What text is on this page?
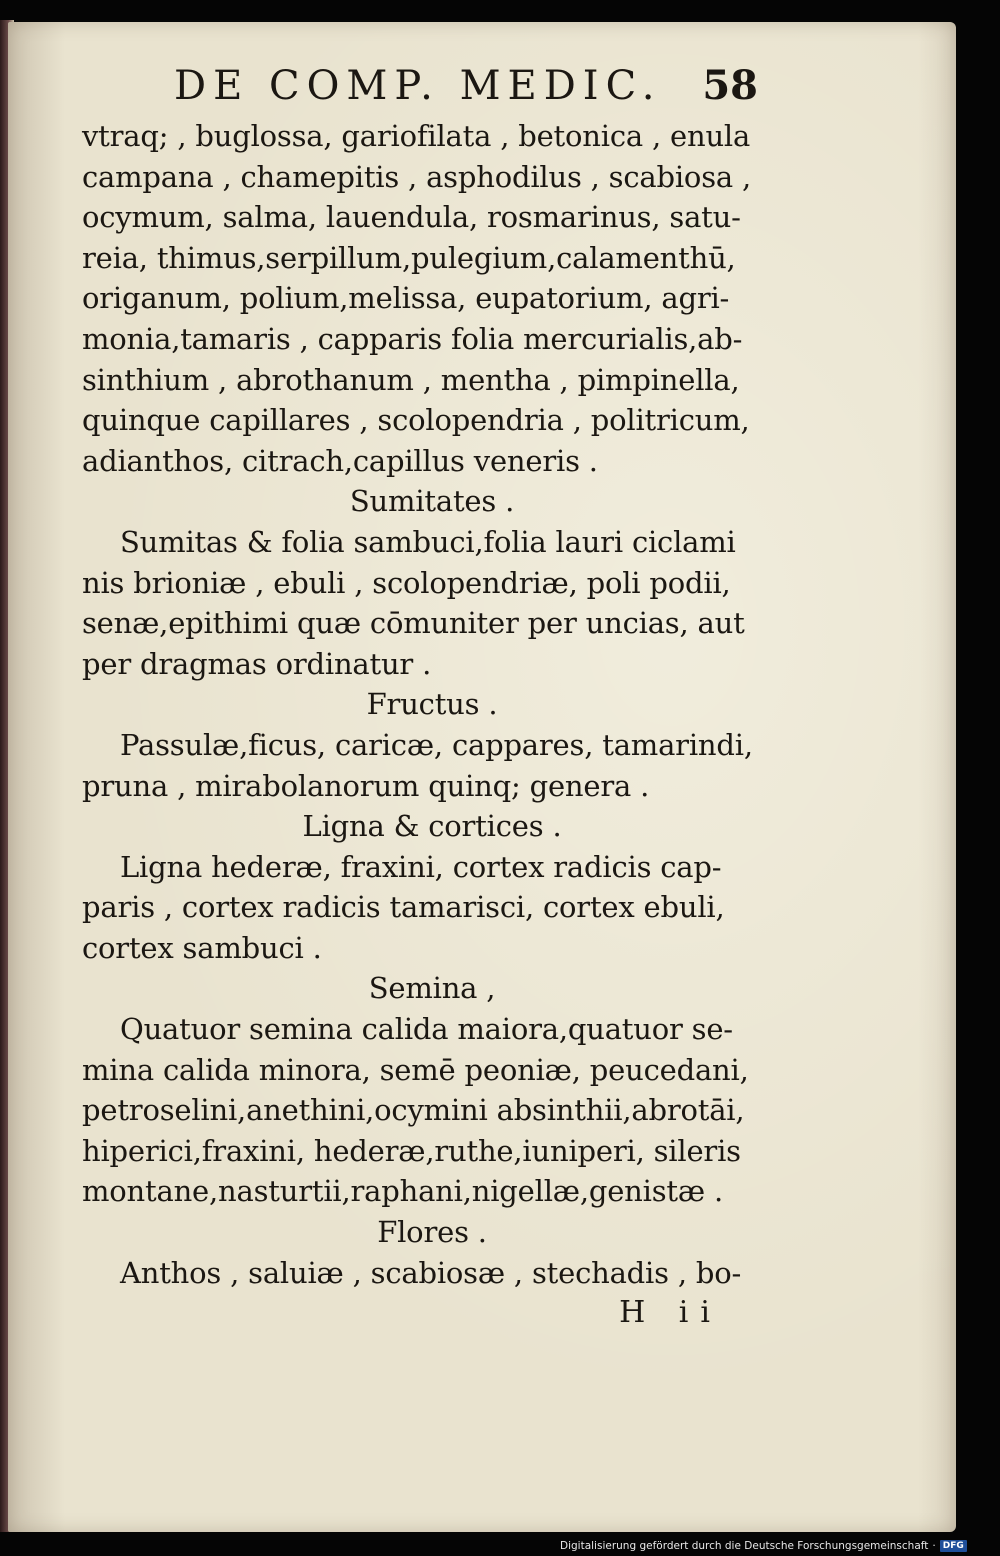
DE COMP. MEDIC. 58
vtraq; , buglossa, gariofilata , betonica , enula
campana , chamepitis , asphodilus , scabiosa ,
ocymum, salma, lauendula, rosmarinus, satu-
reia, thimus,serpillum,pulegium,calamenthū,
origanum, polium,melissa, eupatorium, agri-
monia,tamaris , capparis folia mercurialis,ab-
sinthium , abrothanum , mentha , pimpinella,
quinque capillares , scolopendria , politricum,
adianthos, citrach,capillus veneris .
Sumitates .
Sumitas & folia sambuci,folia lauri ciclami
nis brioniæ , ebuli , scolopendriæ, poli podii,
senæ,epithimi quæ cōmuniter per uncias, aut
per dragmas ordinatur .
Fructus .
Passulæ,ficus, caricæ, cappares, tamarindi,
pruna , mirabolanorum quinq; genera .
Ligna & cortices .
Ligna hederæ, fraxini, cortex radicis cap-
paris , cortex radicis tamarisci, cortex ebuli,
cortex sambuci .
Semina ,
Quatuor semina calida maiora,quatuor se-
mina calida minora, semē peoniæ, peucedani,
petroselini,anethini,ocymini absinthii,abrotāi,
hiperici,fraxini, hederæ,ruthe,iuniperi, sileris
montane,nasturtii,raphani,nigellæ,genistæ .
Flores .
Anthos , saluiæ , scabiosæ , stechadis , bo-
H ii
Digitalisierung gefördert durch die Deutsche Forschungsgemeinschaft · DFG
